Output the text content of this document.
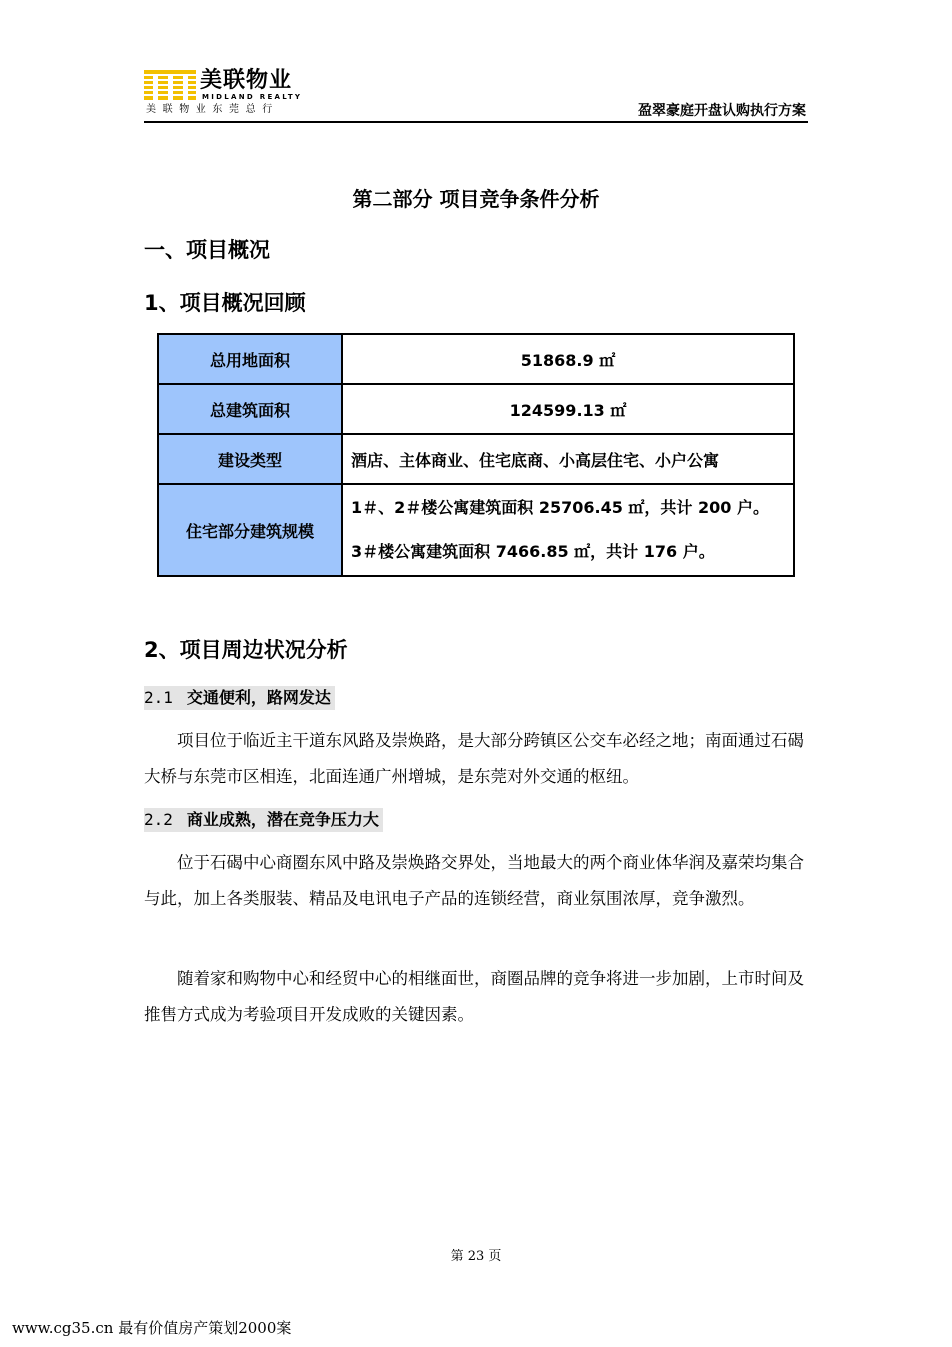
美联物业
MIDLAND REALTY
美联物业东莞总行	盈翠豪庭开盘认购执行方案
第二部分 项目竞争条件分析
一、项目概况
1、项目概况回顾
总用地面积	51868.9 ㎡
总建筑面积	124599.13 ㎡
建设类型	酒店、主体商业、住宅底商、小高层住宅、小户公寓
住宅部分建筑规模	1＃、2＃楼公寓建筑面积 25706.45 ㎡，共计 200 户。
3＃楼公寓建筑面积 7466.85 ㎡，共计 176 户。
2、项目周边状况分析
2.1 交通便利，路网发达
项目位于临近主干道东风路及崇焕路，是大部分跨镇区公交车必经之地；南面通过石碣大桥与东莞市区相连，北面连通广州增城，是东莞对外交通的枢纽。
2.2 商业成熟，潜在竞争压力大
位于石碣中心商圈东风中路及崇焕路交界处，当地最大的两个商业体华润及嘉荣均集合与此，加上各类服装、精品及电讯电子产品的连锁经营，商业氛围浓厚，竞争激烈。
随着家和购物中心和经贸中心的相继面世，商圈品牌的竞争将进一步加剧，上市时间及推售方式成为考验项目开发成败的关键因素。
第 23 页
www.cg35.cn 最有价值房产策划2000案
